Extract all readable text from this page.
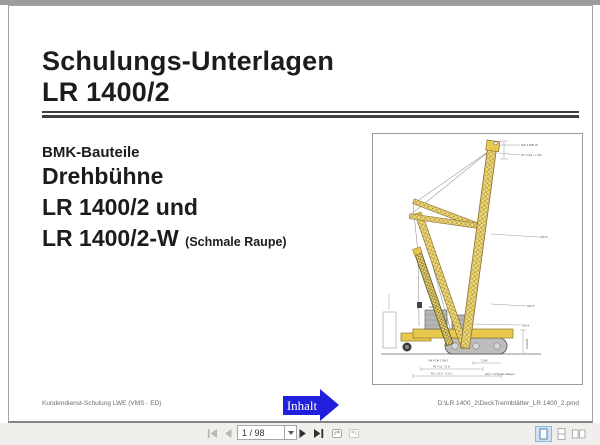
Schulungs-Unterlagen
LR 1400/2
BMK-Bauteile
Drehbühne
LR 1400/2 und
LR 1400/2-W (Schmale Raupe)
SW 2.500 W
W 7.234 t + 50 t
SW 8
SW 5
SW 6
SW 3
SW 4 SW 2 SW 1
R1 = 11 - 13 m
R2 = 13,6 - 17,5 m
2.540
ZG/URW
(W) = Schmale Raupe
Kundendienst-Schulung LWE (VMS - ED)	D:\LR 1400_2\DeckTrennblätter_LR 1400_2.pmd
Inhalt
1 / 98
